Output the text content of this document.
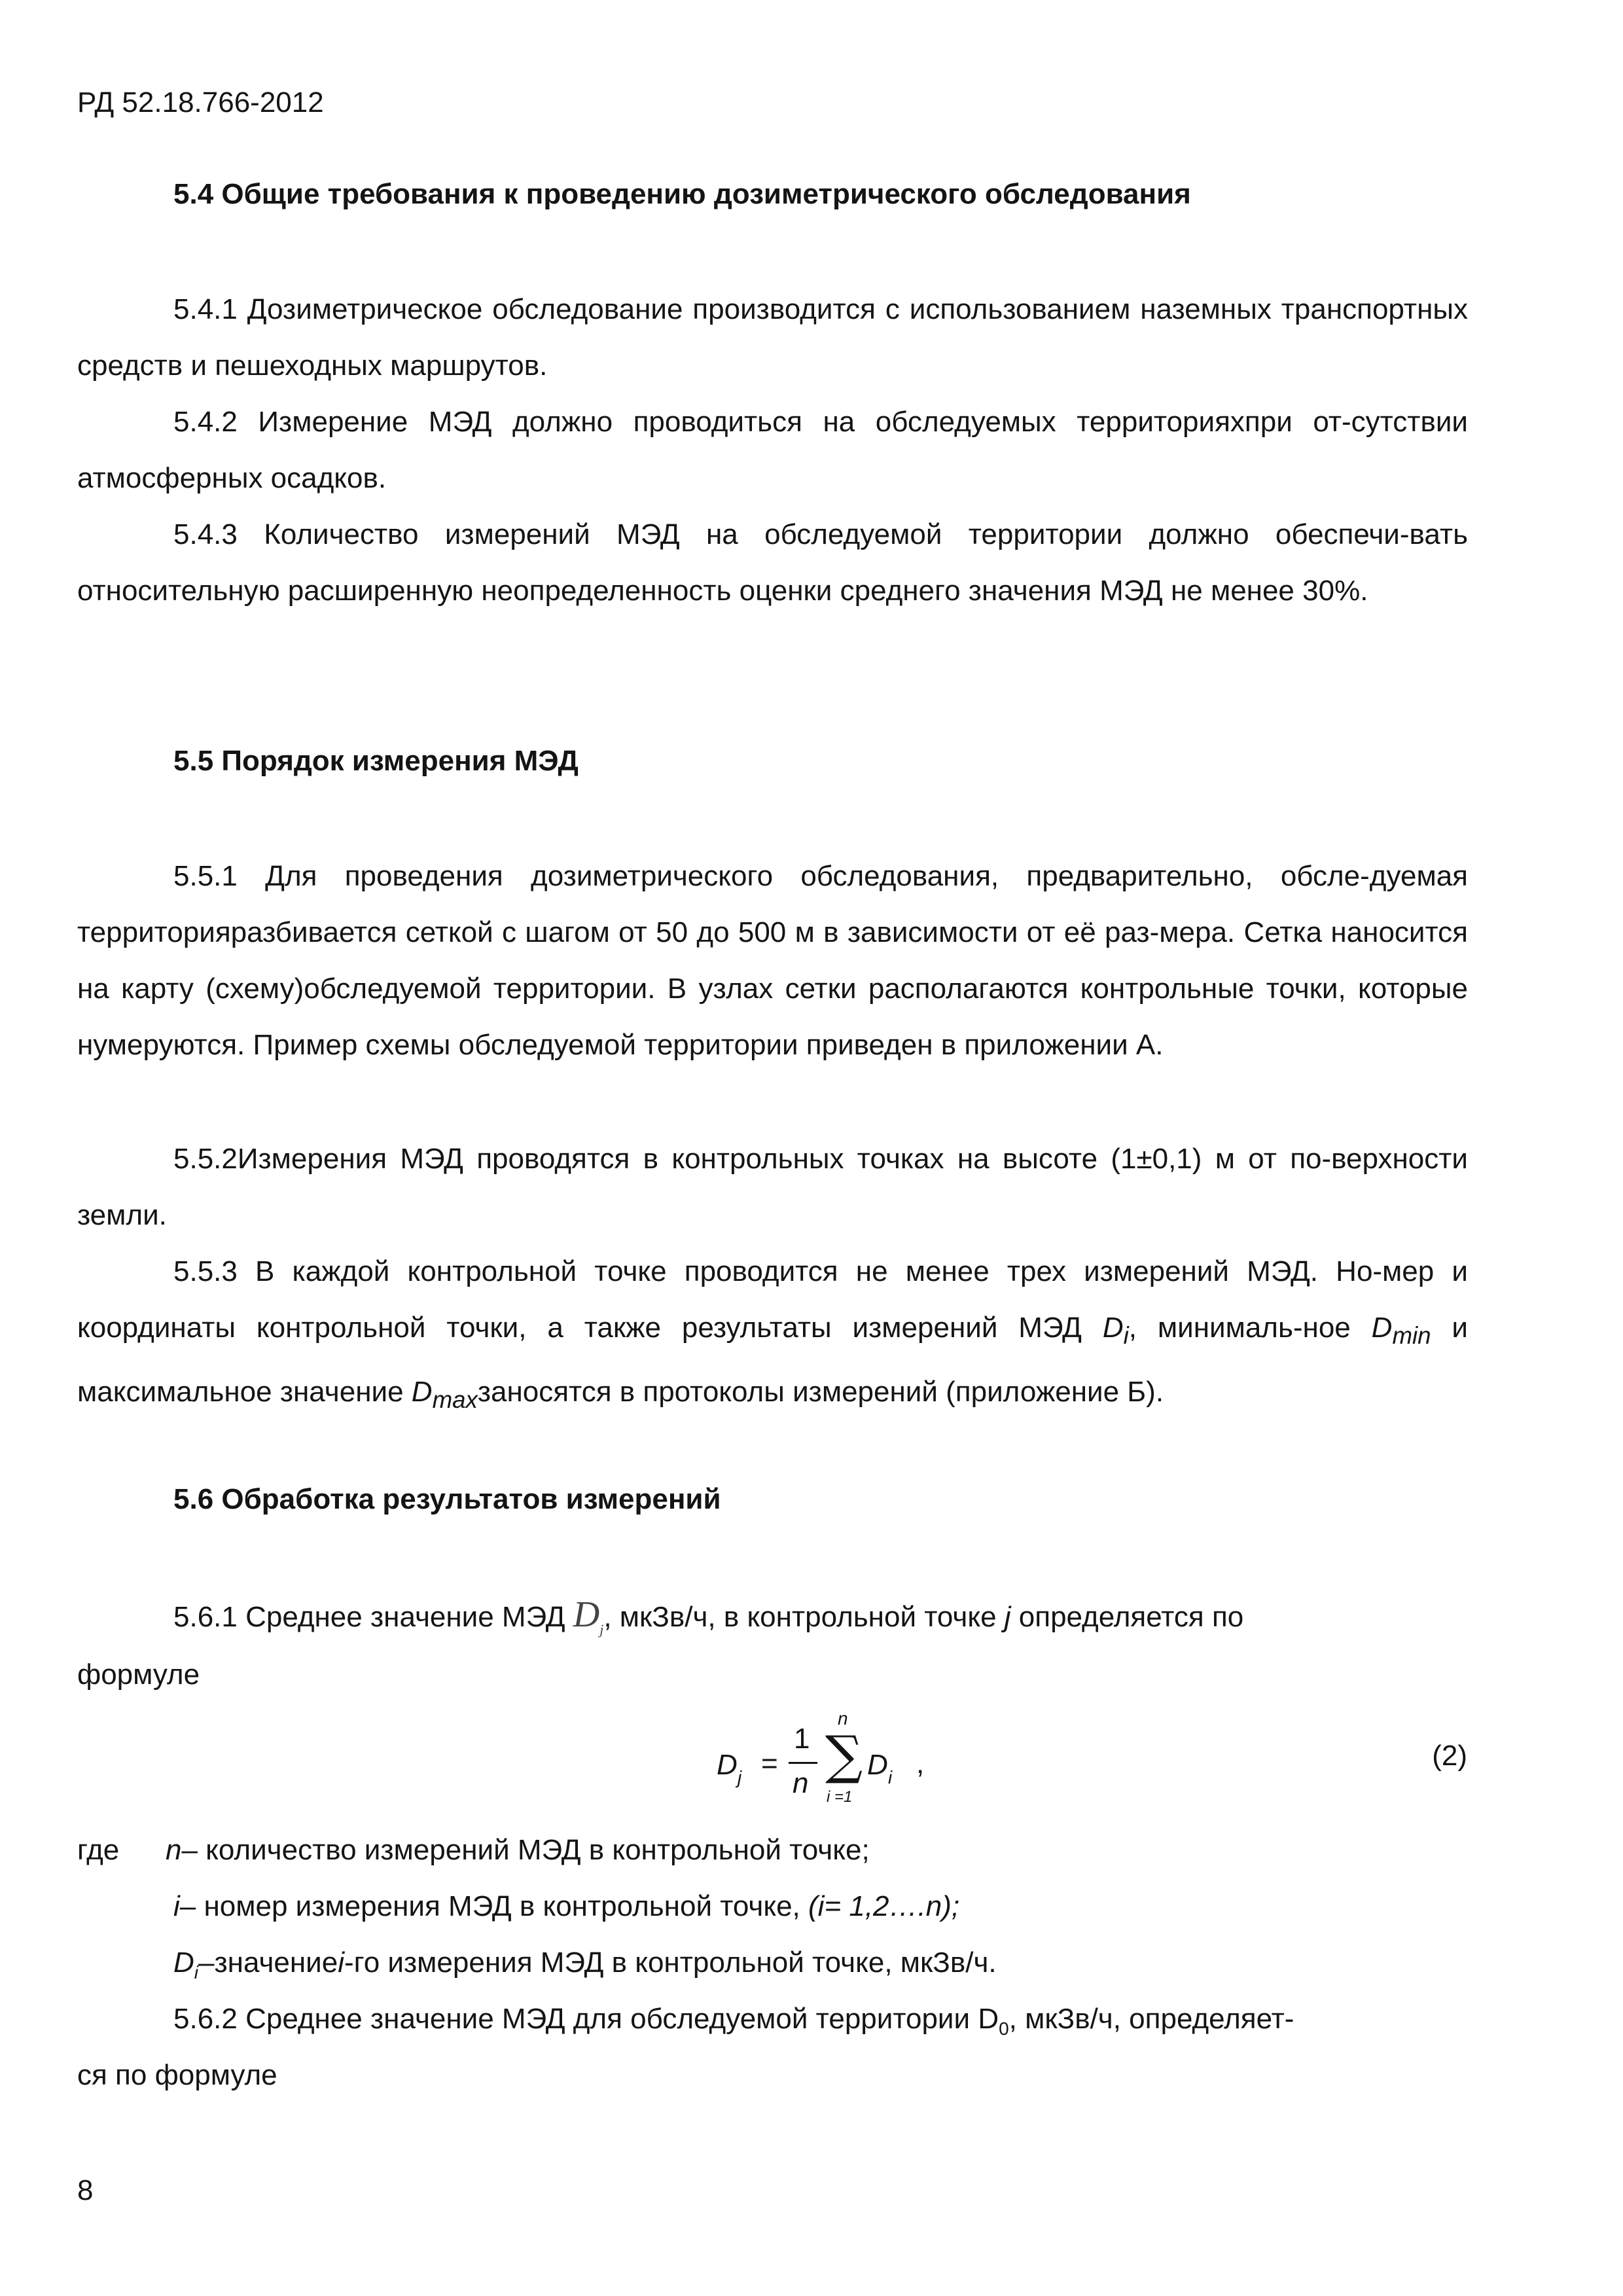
РД 52.18.766-2012
5.4 Общие требования к проведению дозиметрического обследования

5.4.1 Дозиметрическое обследование производится с использованием наземных транспортных средств и пешеходных маршрутов.

5.4.2 Измерение МЭД должно проводиться на обследуемых территорияхпри от-сутствии атмосферных осадков.

5.4.3 Количество измерений МЭД на обследуемой территории должно обеспечи-вать относительную расширенную неопределенность оценки среднего значения МЭД не менее 30%.

5.5 Порядок измерения МЭД

5.5.1 Для проведения дозиметрического обследования, предварительно, обсле-дуемая территорияразбивается сеткой с шагом от 50 до 500 м в зависимости от её раз-мера. Сетка наносится на карту (схему)обследуемой территории. В узлах сетки располагаются контрольные точки, которые нумеруются. Пример схемы обследуемой территории приведен в приложении А.

5.5.2Измерения МЭД проводятся в контрольных точках на высоте (1±0,1) м от по-верхности земли.

5.5.3 В каждой контрольной точке проводится не менее трех измерений МЭД. Но-мер и координаты контрольной точки, а также результаты измерений МЭД $D_i$, минималь-ное $D_{min}$ и максимальное значение $D_{max}заносятся$ в протоколы измерений (приложение Б).

5.6 Обработка результатов измерений

5.6.1 Среднее значение МЭД $D_j$, мкЗв/ч, в контрольной точке j определяется по

формуле
D j =
1
n
n
∑
i =1
D i ,	(2)
где n– количество измерений МЭД в контрольной точке;
i– номер измерения МЭД в контрольной точке, (i= 1,2….n);
$D_i-значениеi-го$ измерения МЭД в контрольной точке, мкЗв/ч.
5.6.2 Среднее значение МЭД для обследуемой территории $D_0$, мкЗв/ч, определяет-
ся по формуле
8
